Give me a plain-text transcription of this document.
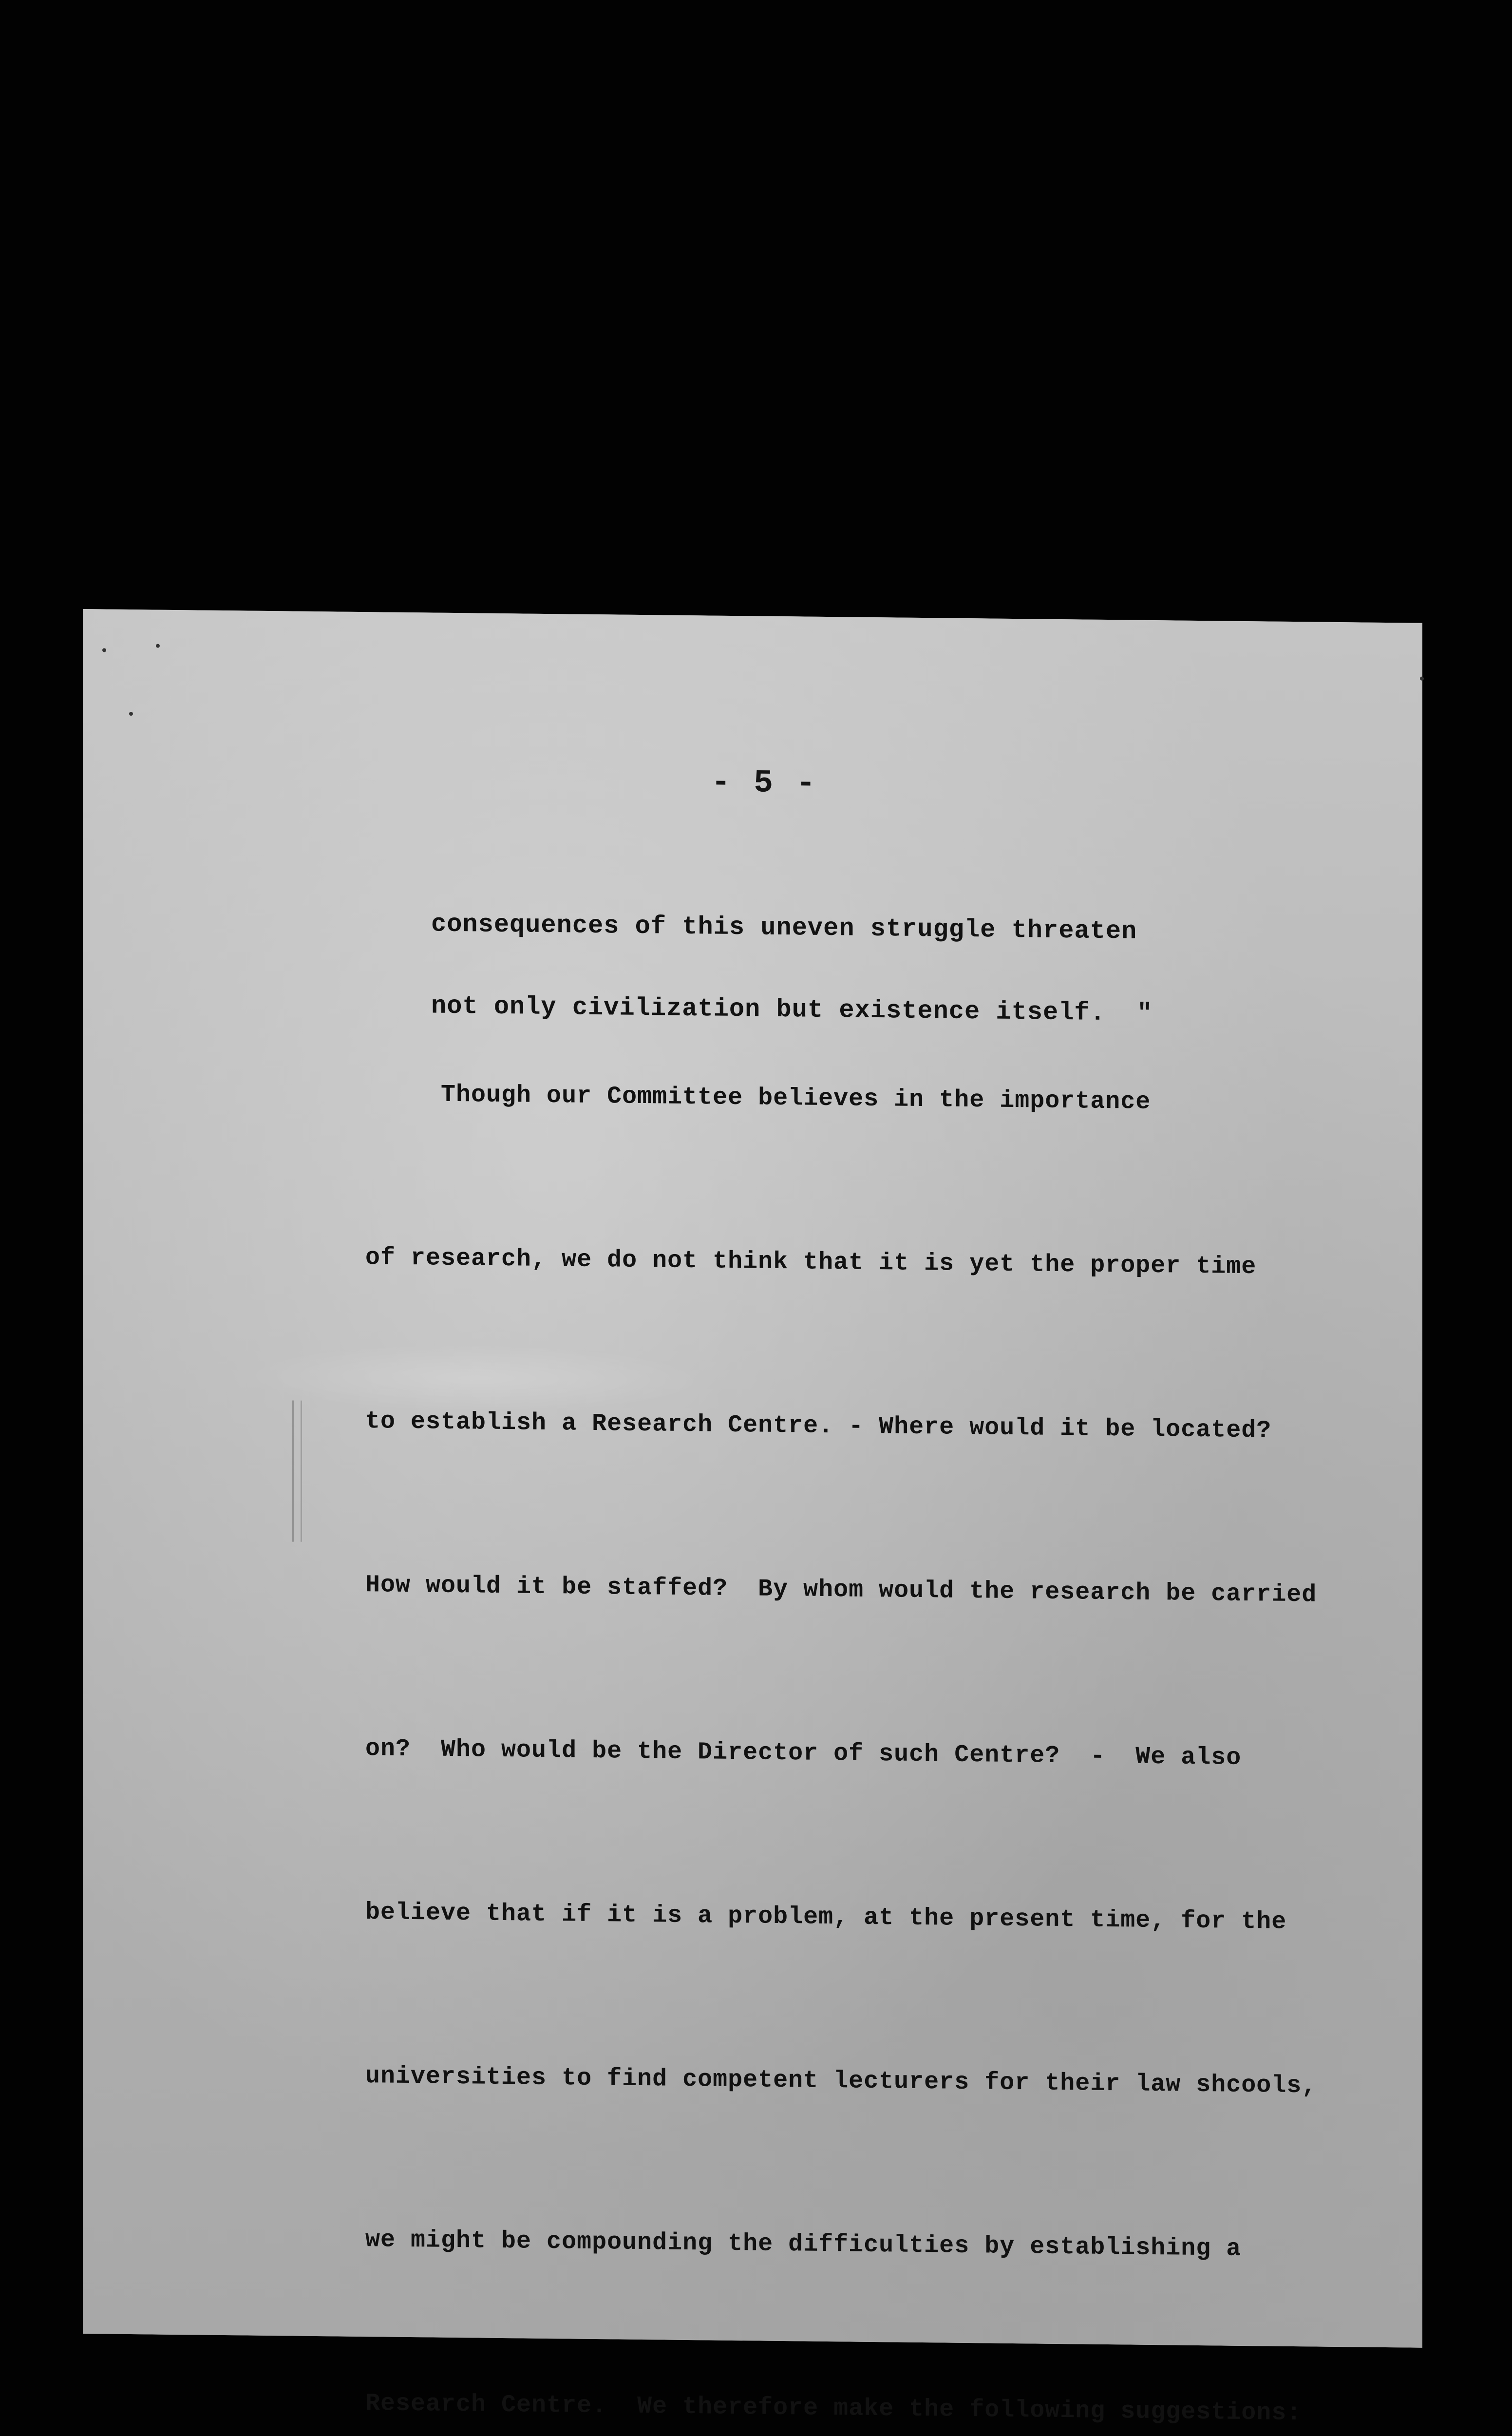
- 5 -

consequences of this uneven struggle threaten

not only civilization but existence itself.  "

Though our Committee believes in the importance

of research, we do not think that it is yet the proper time

to establish a Research Centre. - Where would it be located?

How would it be staffed?  By whom would the research be carried

on?  Who would be the Director of such Centre?  -  We also

believe that if it is a problem, at the present time, for the

universities to find competent lecturers for their law shcools,

we might be compounding the difficulties by establishing a

Research Centre.  We therefore make the following suggestions:
